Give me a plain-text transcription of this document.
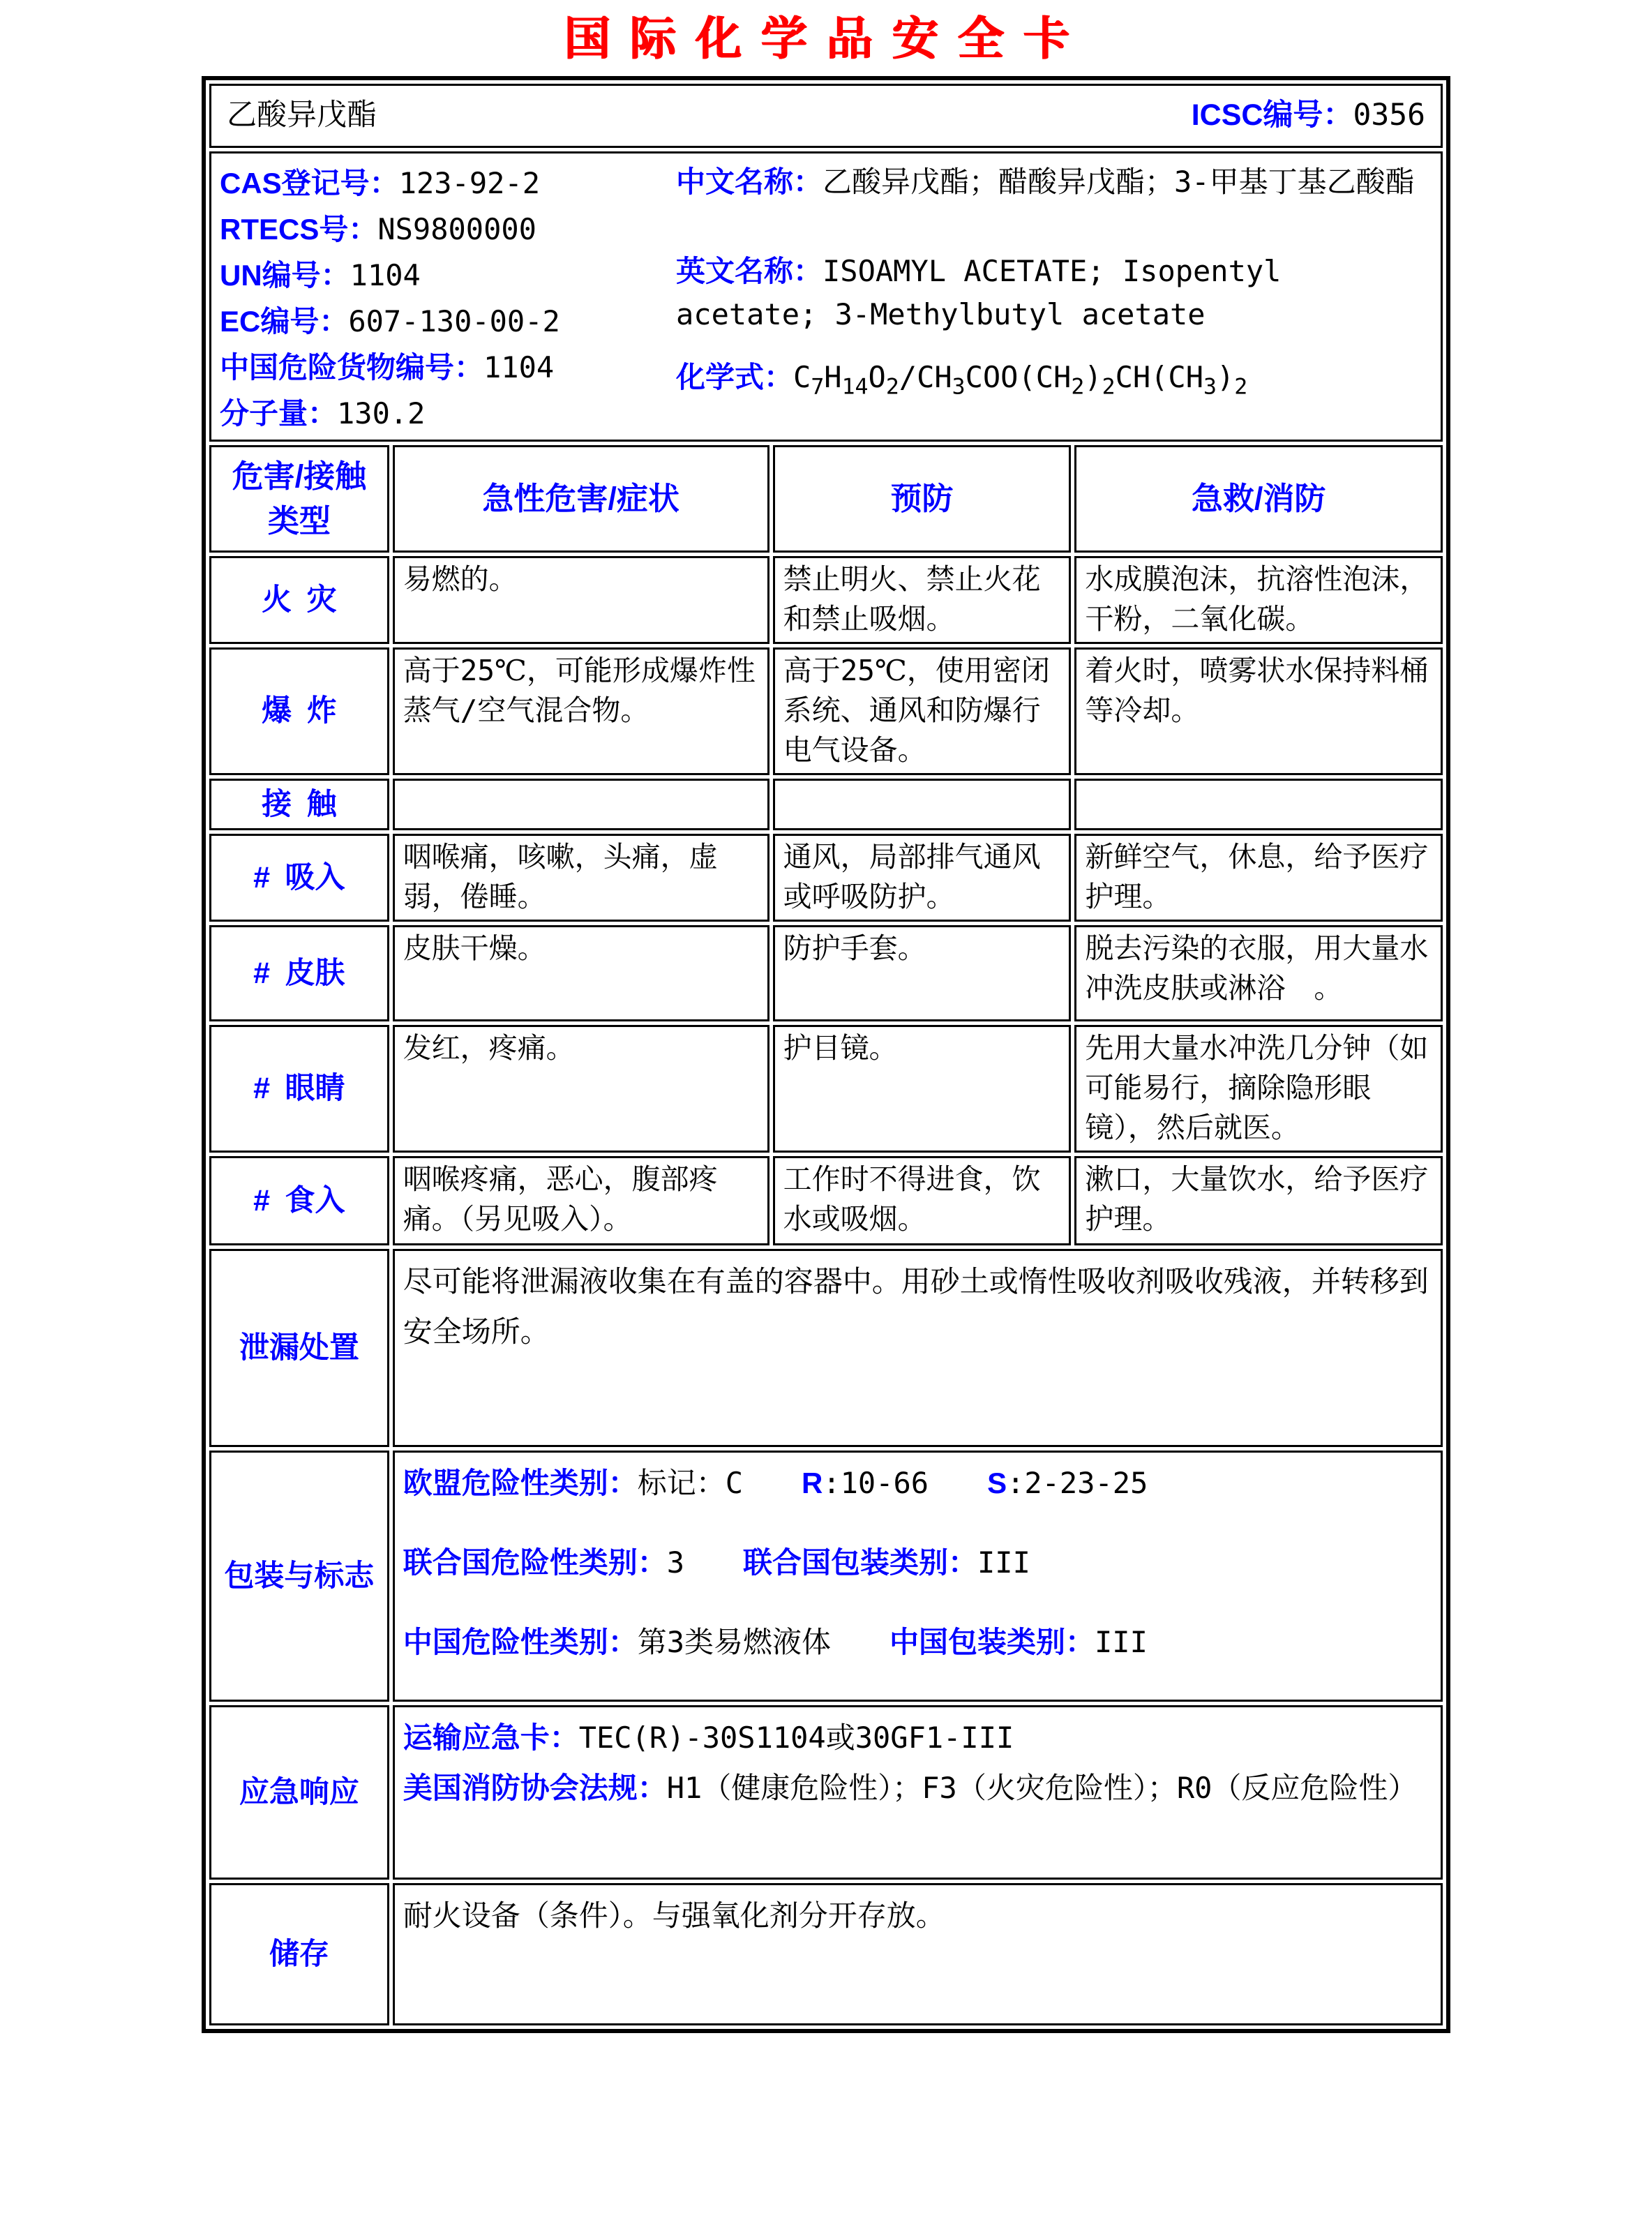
国际化学品安全卡
乙酸异戊酯 ICSC编号：0356			

CAS登记号：123-92-2
RTECS号：NS9800000
UN编号：1104
EC编号：607-130-00-2
中国危险货物编号：1104
分子量：130.2
中文名称：乙酸异戊酯；醋酸异戊酯；3-甲基丁基乙酸酯
英文名称：ISOAMYL ACETATE; Isopentyl acetate; 3-Methylbutyl acetate
化学式：$C_7H_{14}O_2/CH_3COO(CH_2)_2CH(CH_3)_2$

危害/接触类型	急性危害/症状	预防	急救/消防
火 灾	易燃的。	禁止明火、禁止火花和禁止吸烟。	水成膜泡沫，抗溶性泡沫，干粉，二氧化碳。
爆 炸	高于25℃，可能形成爆炸性蒸气/空气混合物。	高于25℃，使用密闭系统、通风和防爆行电气设备。	着火时，喷雾状水保持料桶等冷却。
接 触			
# 吸入	咽喉痛，咳嗽，头痛，虚弱，倦睡。	通风，局部排气通风或呼吸防护。	新鲜空气，休息，给予医疗护理。
# 皮肤	皮肤干燥。	防护手套。	脱去污染的衣服，用大量水冲洗皮肤或淋浴　。
# 眼睛	发红，疼痛。	护目镜。	先用大量水冲洗几分钟（如可能易行，摘除隐形眼镜），然后就医。
# 食入	咽喉疼痛，恶心，腹部疼痛。（另见吸入）。	工作时不得进食，饮水或吸烟。	漱口，大量饮水，给予医疗护理。
泄漏处置	尽可能将泄漏液收集在有盖的容器中。用砂土或惰性吸收剂吸收残液，并转移到安全场所。		
包装与标志	欧盟危险性类别：标记：C　　R:10-66　　S:2-23-25

联合国危险性类别：3　　联合国包装类别：III

中国危险性类别：第3类易燃液体　　中国包装类别：III		

应急响应	运输应急卡：TEC(R)-30S1104或30GF1-III

美国消防协会法规：H1（健康危险性）；F3（火灾危险性）；R0（反应危险性）		

储存	耐火设备（条件）。与强氧化剂分开存放。		
